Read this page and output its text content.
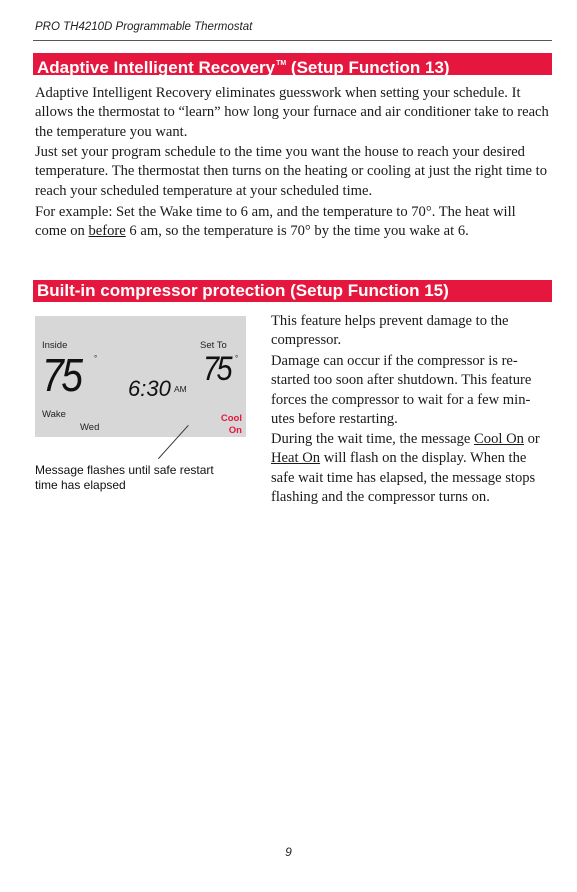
PRO TH4210D Programmable Thermostat
Adaptive Intelligent Recovery™ (Setup Function 13)

Adaptive Intelligent Recovery eliminates guesswork when setting your schedule. It allows the thermostat to “learn” how long your furnace and air conditioner take to reach the temperature you want.

Just set your program schedule to the time you want the house to reach your desired temperature. The thermostat then turns on the heating or cooling at just the right time to reach your scheduled temperature at your scheduled time.

For example: Set the Wake time to 6 am, and the temperature to 70°. The heat will come on before 6 am, so the temperature is 70° by the time you wake at 6.

Built-in compressor protection (Setup Function 15)
Inside
75 °
Set To
75 °
6:30 AM
Wake
Wed
Cool
On
Message flashes until safe restart time has elapsed

This feature helps prevent damage to the compressor.

Damage can occur if the compressor is re-started too soon after shutdown. This feature forces the compressor to wait for a few min-utes before restarting.

During the wait time, the message Cool On or Heat On will flash on the display. When the safe wait time has elapsed, the message stops flashing and the compressor turns on.

9
